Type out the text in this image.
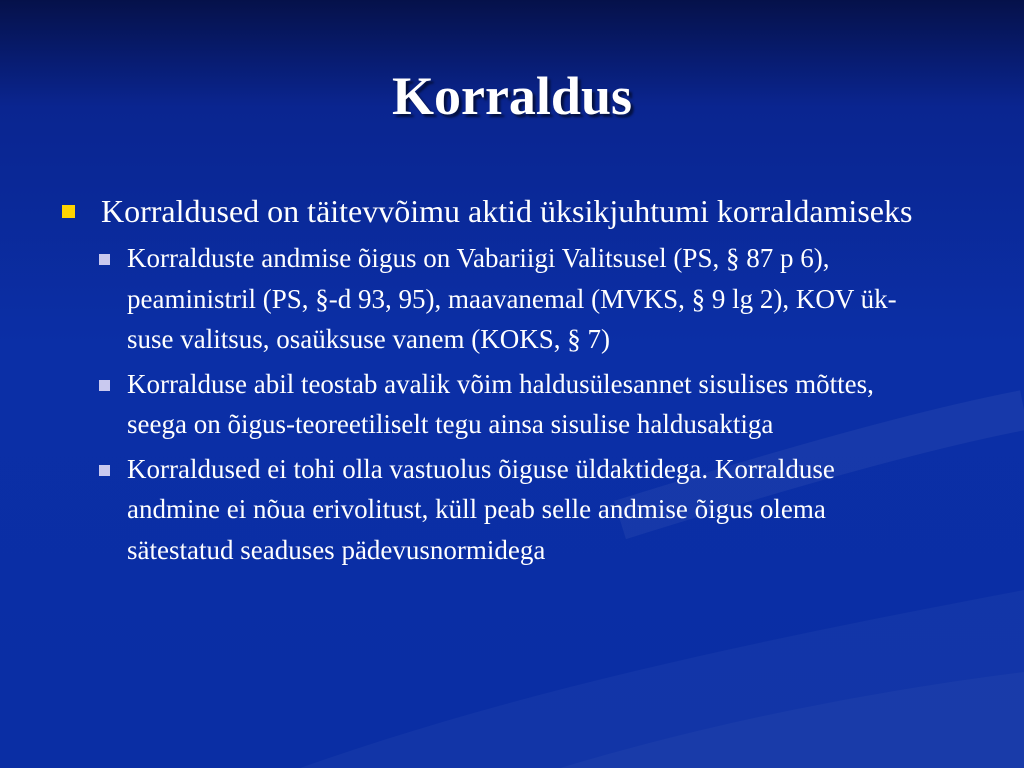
Korraldus
Korraldused on täitevvõimu aktid üksikjuhtumi korraldamiseks
Korralduste andmise õigus on Vabariigi Valitsusel (PS, § 87 p 6), peaministril (PS, §-d 93, 95), maavanemal (MVKS, § 9 lg 2), KOV ük-suse valitsus, osaüksuse vanem (KOKS, § 7)
Korralduse abil teostab avalik võim haldusülesannet sisulises mõttes, seega on õigus-teoreetiliselt tegu ainsa sisulise haldusaktiga
Korraldused ei tohi olla vastuolus õiguse üldaktidega. Korralduse andmine ei nõua erivolitust, küll peab selle andmise õigus olema sätestatud seaduses pädevusnormidega
